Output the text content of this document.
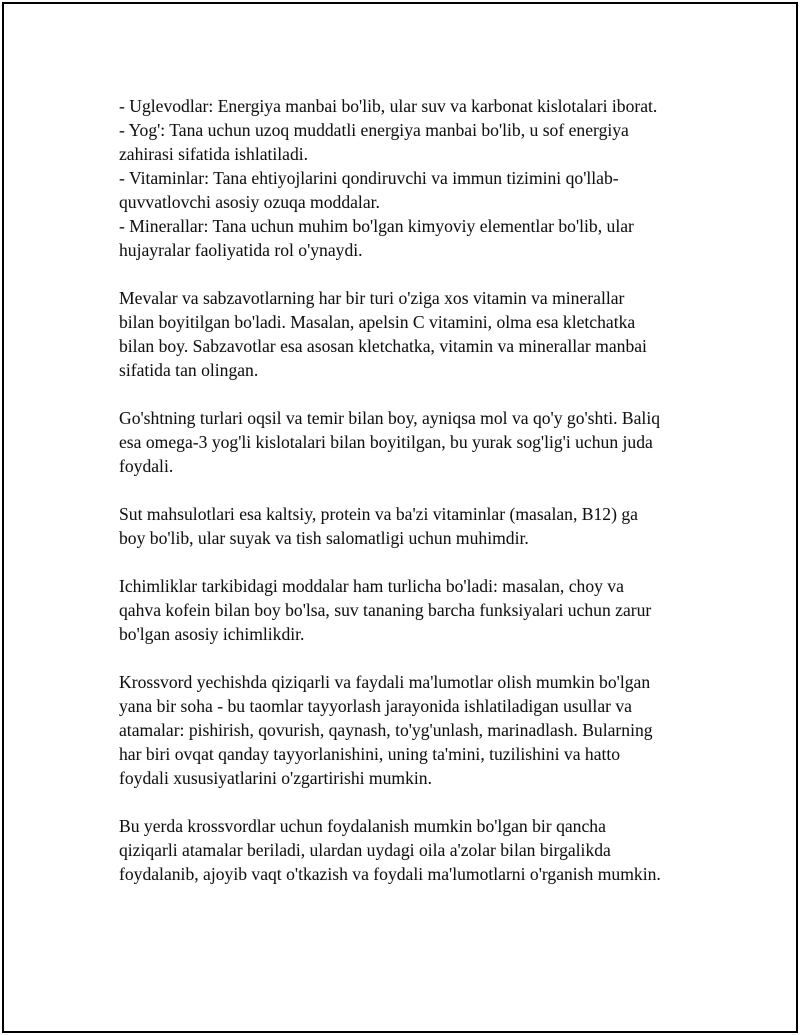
- Uglevodlar: Energiya manbai bo'lib, ular suv va karbonat kislotalari iborat.
- Yog': Tana uchun uzoq muddatli energiya manbai bo'lib, u sof energiya
zahirasi sifatida ishlatiladi.
- Vitaminlar: Tana ehtiyojlarini qondiruvchi va immun tizimini qo'llab-
quvvatlovchi asosiy ozuqa moddalar.
- Minerallar: Tana uchun muhim bo'lgan kimyoviy elementlar bo'lib, ular
hujayralar faoliyatida rol o'ynaydi.

Mevalar va sabzavotlarning har bir turi o'ziga xos vitamin va minerallar
bilan boyitilgan bo'ladi. Masalan, apelsin C vitamini, olma esa kletchatka
bilan boy. Sabzavotlar esa asosan kletchatka, vitamin va minerallar manbai
sifatida tan olingan.

Go'shtning turlari oqsil va temir bilan boy, ayniqsa mol va qo'y go'shti. Baliq
esa omega-3 yog'li kislotalari bilan boyitilgan, bu yurak sog'lig'i uchun juda
foydali.

Sut mahsulotlari esa kaltsiy, protein va ba'zi vitaminlar (masalan, B12) ga
boy bo'lib, ular suyak va tish salomatligi uchun muhimdir.

Ichimliklar tarkibidagi moddalar ham turlicha bo'ladi: masalan, choy va
qahva kofein bilan boy bo'lsa, suv tananing barcha funksiyalari uchun zarur
bo'lgan asosiy ichimlikdir.

Krossvord yechishda qiziqarli va faydali ma'lumotlar olish mumkin bo'lgan
yana bir soha - bu taomlar tayyorlash jarayonida ishlatiladigan usullar va
atamalar: pishirish, qovurish, qaynash, to'yg'unlash, marinadlash. Bularning
har biri ovqat qanday tayyorlanishini, uning ta'mini, tuzilishini va hatto
foydali xususiyatlarini o'zgartirishi mumkin.

Bu yerda krossvordlar uchun foydalanish mumkin bo'lgan bir qancha
qiziqarli atamalar beriladi, ulardan uydagi oila a'zolar bilan birgalikda
foydalanib, ajoyib vaqt o'tkazish va foydali ma'lumotlarni o'rganish mumkin.
